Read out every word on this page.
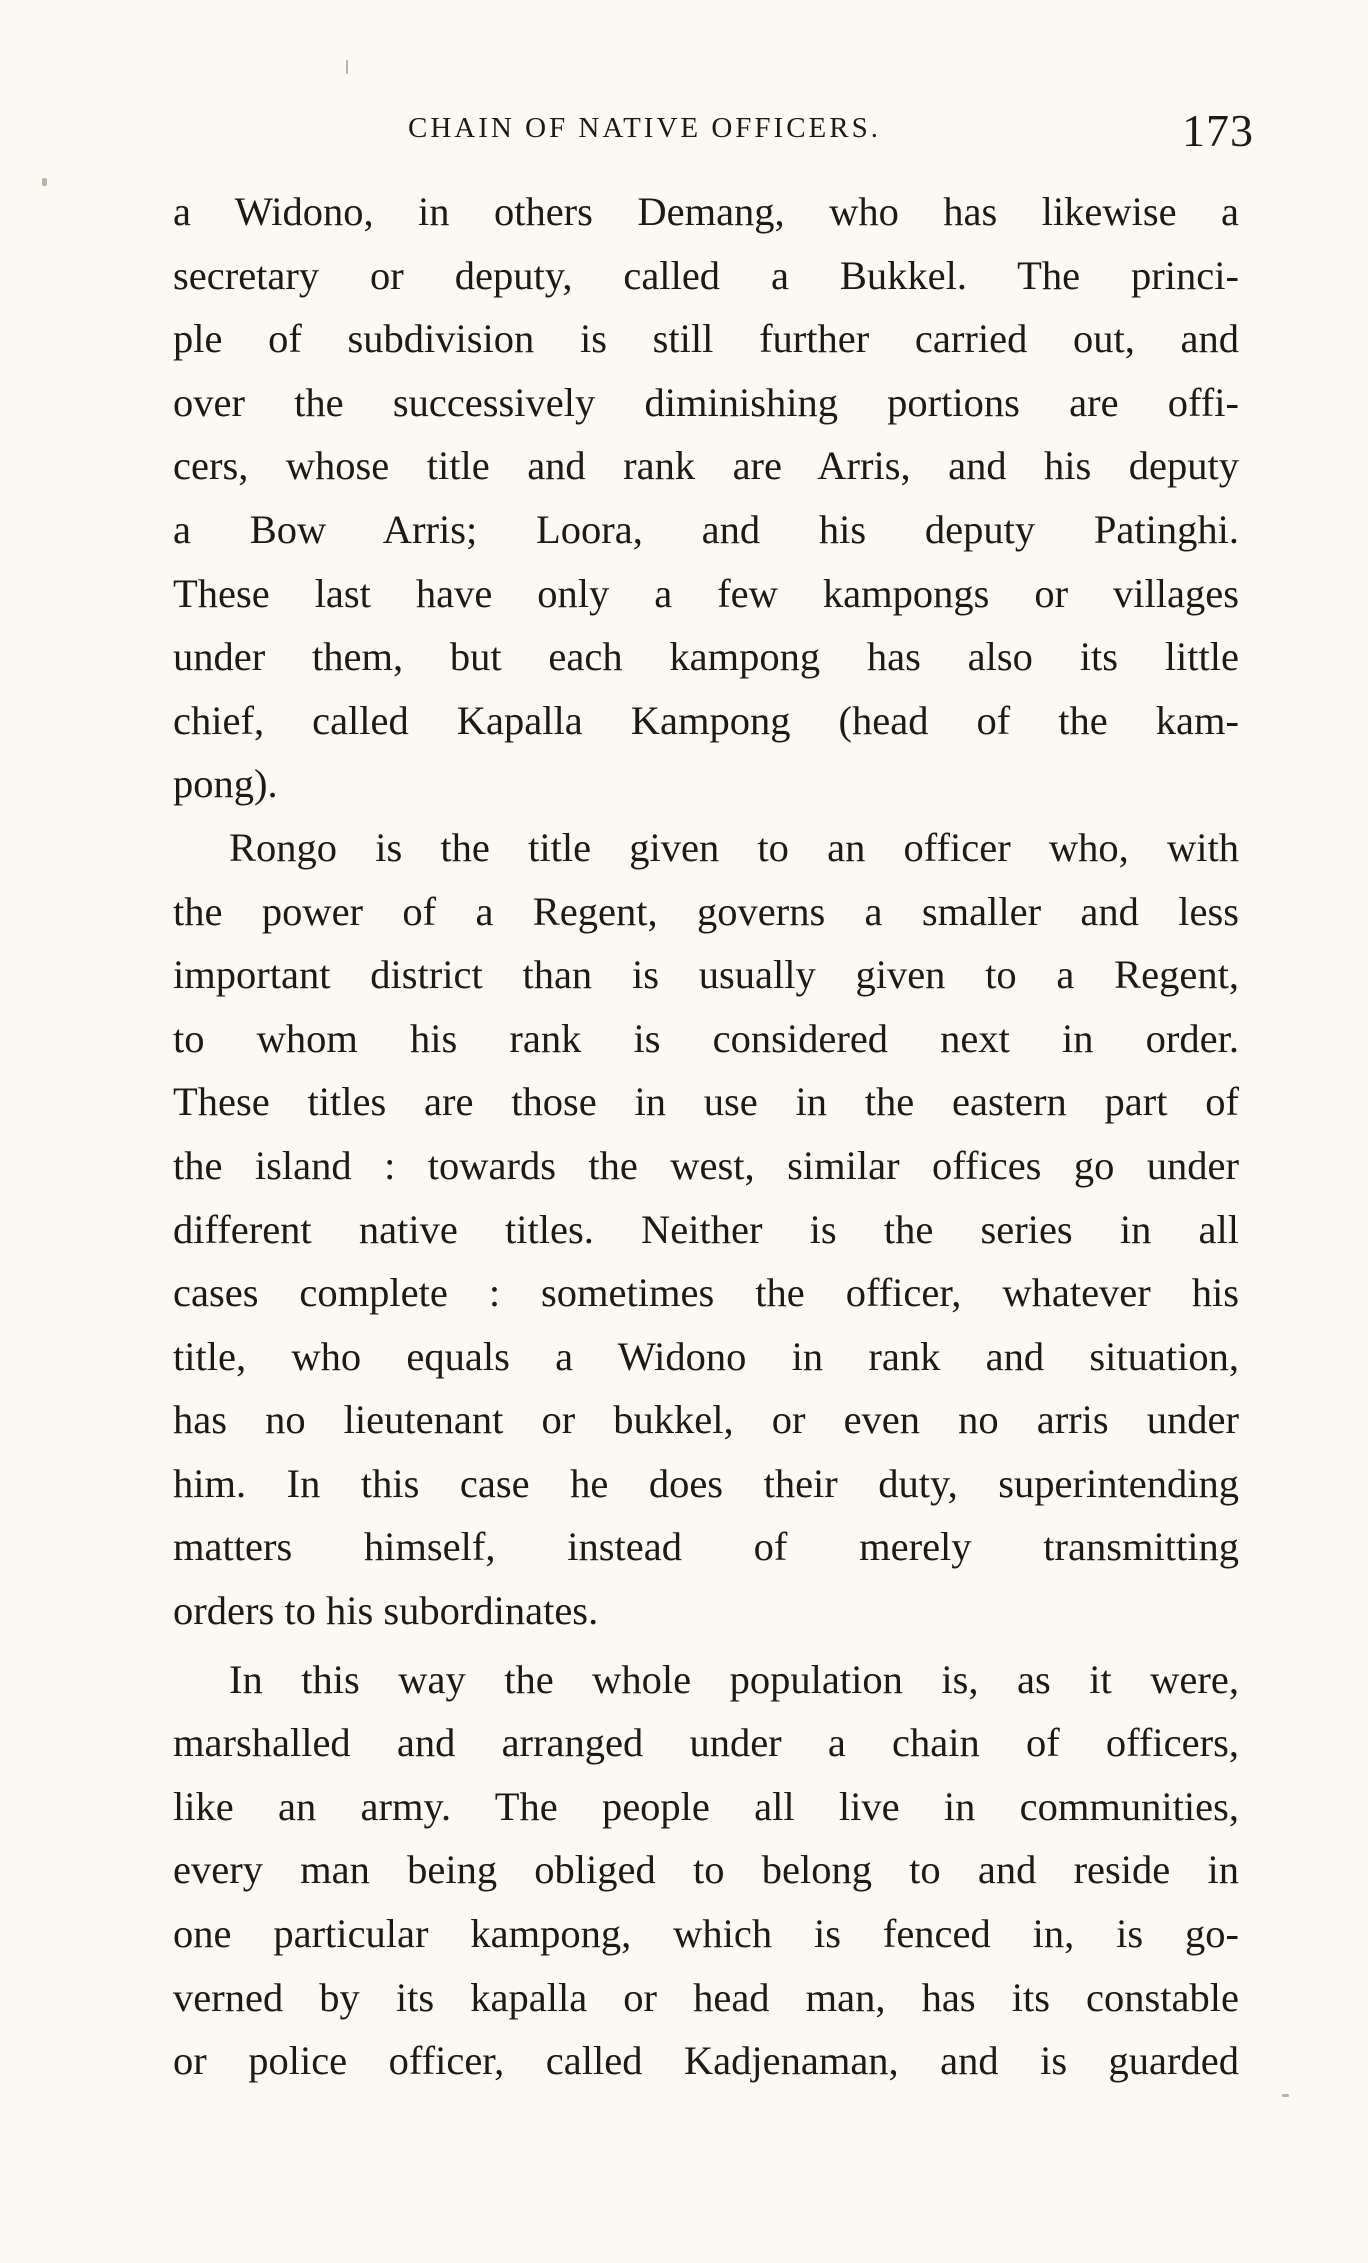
CHAIN OF NATIVE OFFICERS.	173
a Widono, in others Demang, who has likewise a
secretary or deputy, called a Bukkel. The princi-
ple of subdivision is still further carried out, and
over the successively diminishing portions are offi-
cers, whose title and rank are Arris, and his deputy
a Bow Arris; Loora, and his deputy Patinghi.
These last have only a few kampongs or villages
under them, but each kampong has also its little
chief, called Kapalla Kampong (head of the kam-
pong).
Rongo is the title given to an officer who, with
the power of a Regent, governs a smaller and less
important district than is usually given to a Regent,
to whom his rank is considered next in order.
These titles are those in use in the eastern part of
the island : towards the west, similar offices go under
different native titles. Neither is the series in all
cases complete : sometimes the officer, whatever his
title, who equals a Widono in rank and situation,
has no lieutenant or bukkel, or even no arris under
him. In this case he does their duty, superintending
matters himself, instead of merely transmitting
orders to his subordinates.
In this way the whole population is, as it were,
marshalled and arranged under a chain of officers,
like an army. The people all live in communities,
every man being obliged to belong to and reside in
one particular kampong, which is fenced in, is go-
verned by its kapalla or head man, has its constable
or police officer, called Kadjenaman, and is guarded
